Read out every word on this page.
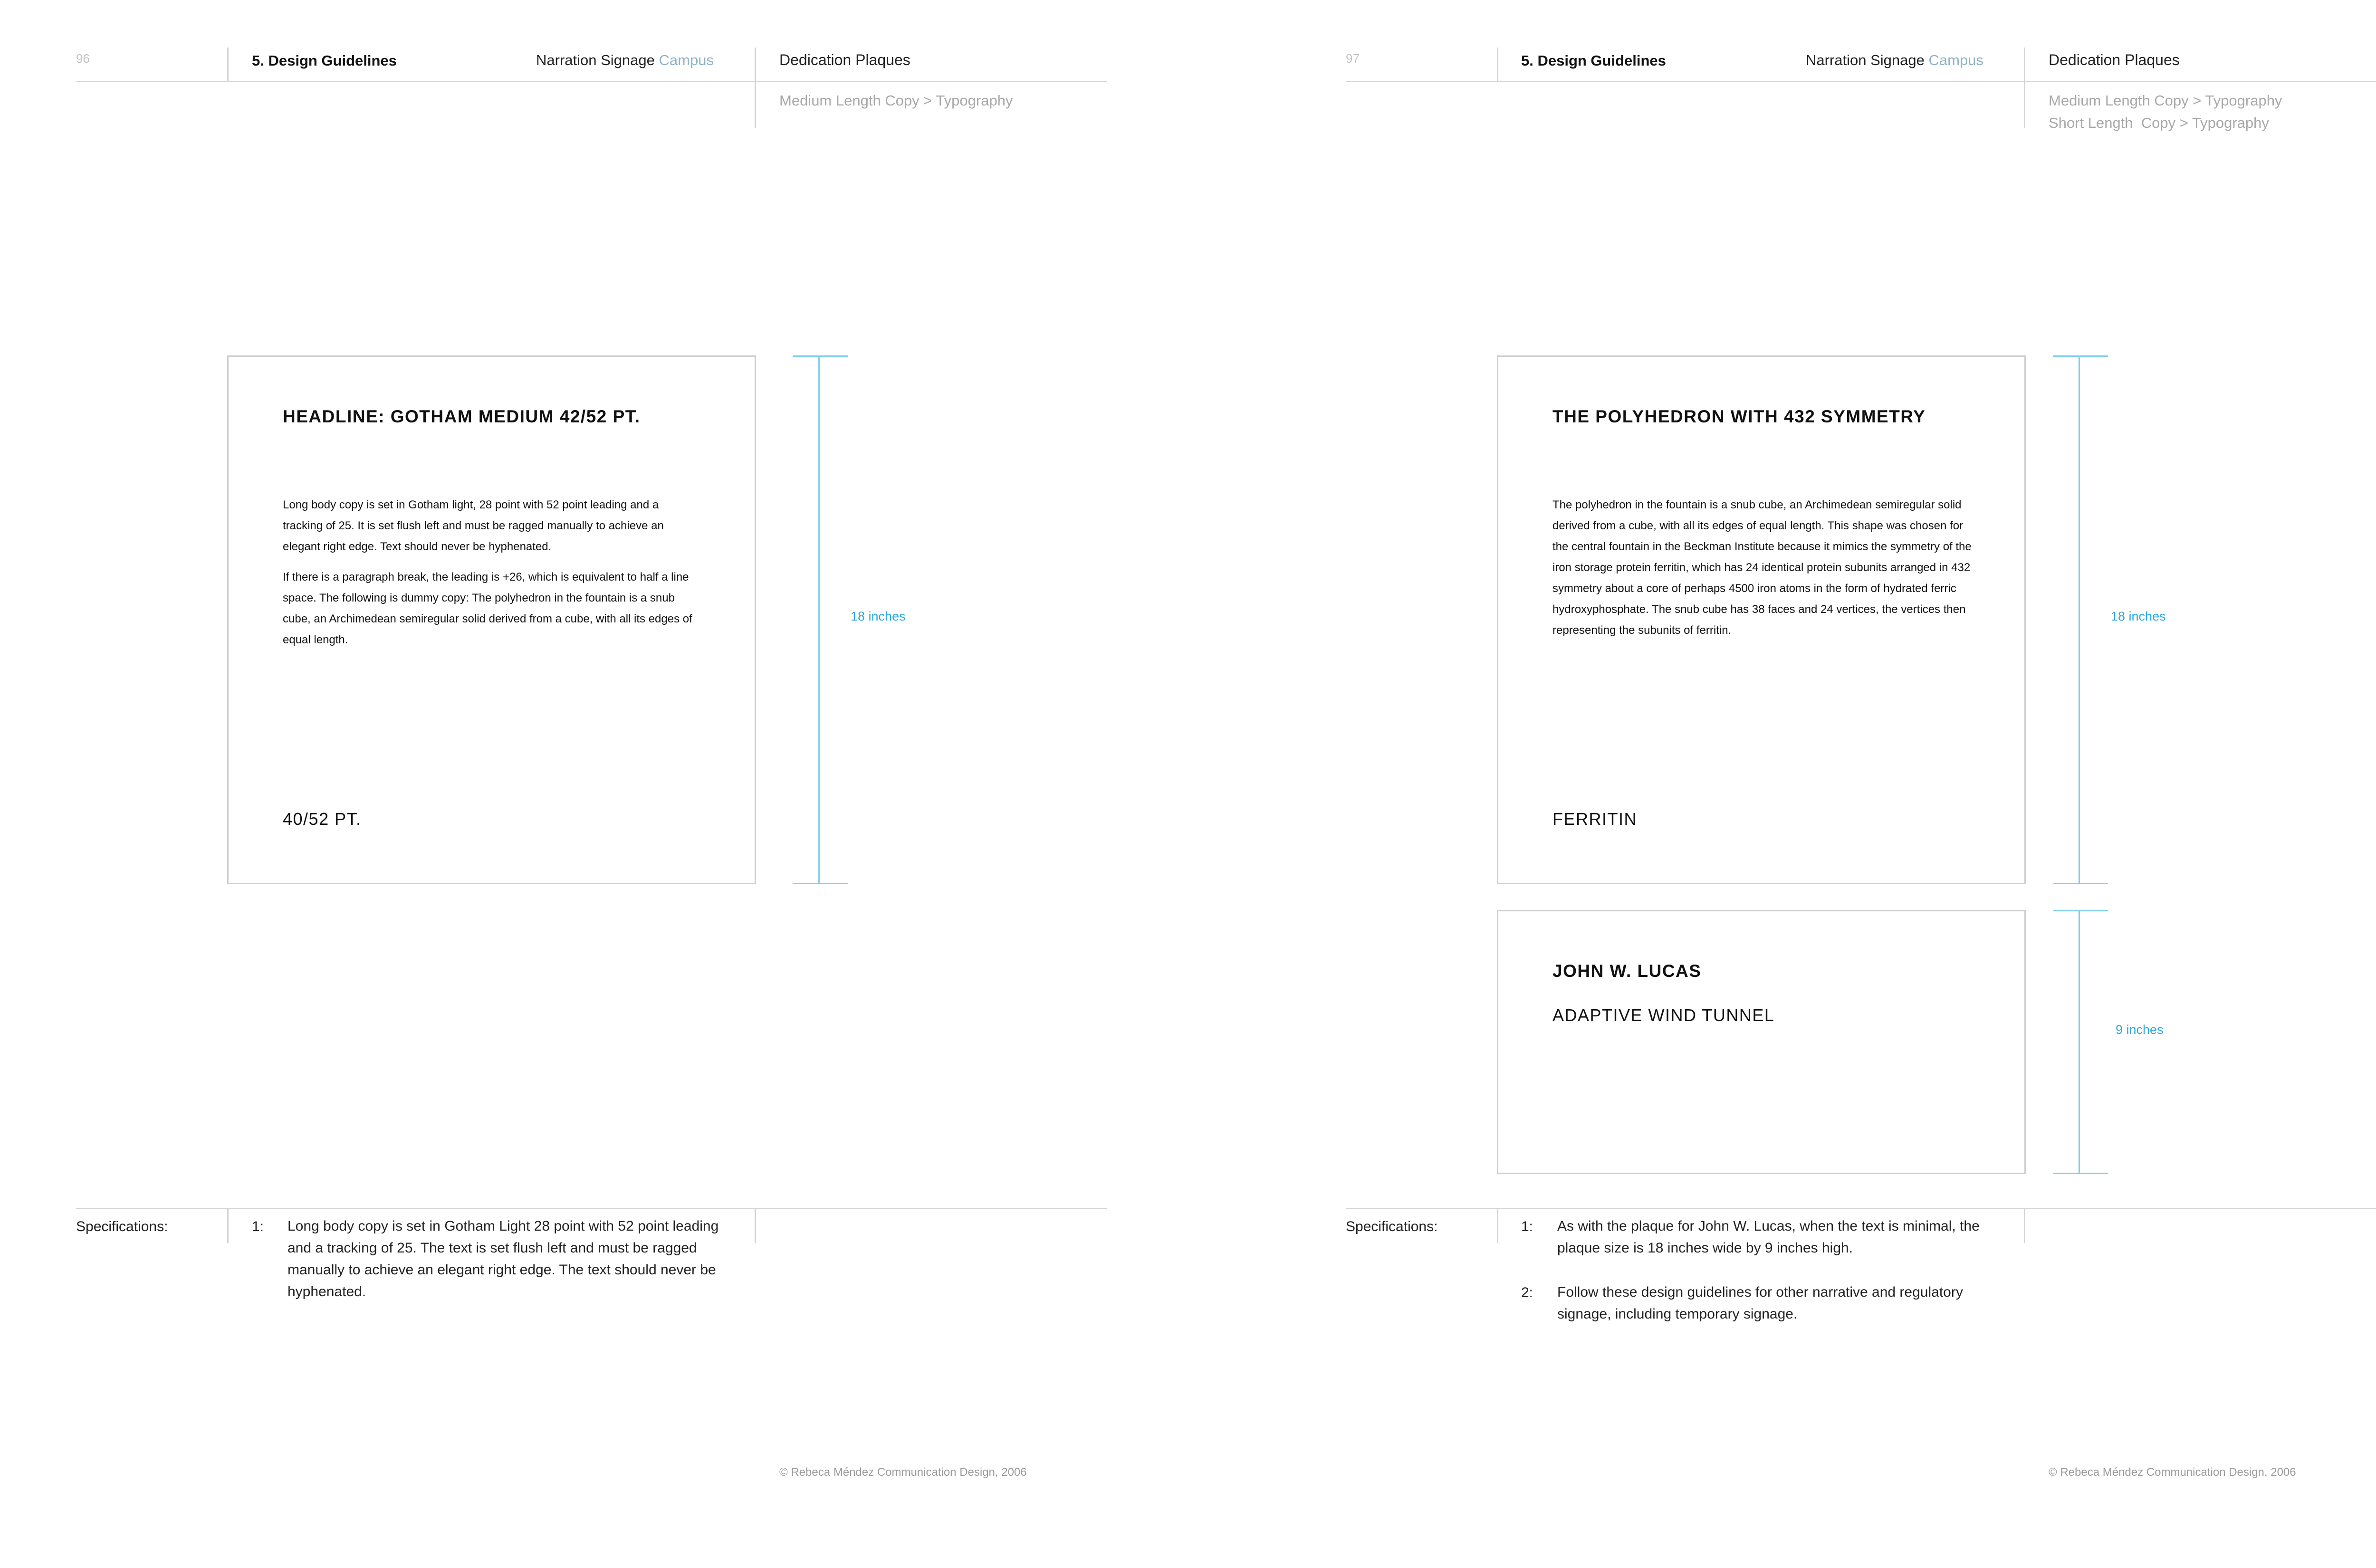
96	5. Design Guidelines	Narration Signage Campus	Dedication Plaques
Medium Length Copy > Typography
HEADLINE: GOTHAM MEDIUM 42/52 PT.

Long body copy is set in Gotham light, 28 point with 52 point leading and a tracking of 25. It is set flush left and must be ragged manually to achieve an elegant right edge. Text should never be hyphenated.

If there is a paragraph break, the leading is +26, which is equivalent to half a line space. The following is dummy copy: The polyhedron in the fountain is a snub cube, an Archimedean semiregular solid derived from a cube, with all its edges of equal length.

40/52 PT.
18 inches
Specifications:	1: Long body copy is set in Gotham Light 28 point with 52 point leading and a tracking of 25. The text is set flush left and must be ragged manually to achieve an elegant right edge. The text should never be hyphenated.
© Rebeca Méndez Communication Design, 2006
97	5. Design Guidelines	Narration Signage Campus	Dedication Plaques
Medium Length Copy > Typography
Short Length  Copy > Typography
THE POLYHEDRON WITH 432 SYMMETRY

The polyhedron in the fountain is a snub cube, an Archimedean semiregular solid derived from a cube, with all its edges of equal length. This shape was chosen for the central fountain in the Beckman Institute because it mimics the symmetry of the iron storage protein ferritin, which has 24 identical protein subunits arranged in 432 symmetry about a core of perhaps 4500 iron atoms in the form of hydrated ferric hydroxyphosphate. The snub cube has 38 faces and 24 vertices, the vertices then representing the subunits of ferritin.

FERRITIN
18 inches
JOHN W. LUCAS
ADAPTIVE WIND TUNNEL
9 inches
Specifications:	1: As with the plaque for John W. Lucas, when the text is minimal, the plaque size is 18 inches wide by 9 inches high.
2: Follow these design guidelines for other narrative and regulatory signage, including temporary signage.
© Rebeca Méndez Communication Design, 2006
